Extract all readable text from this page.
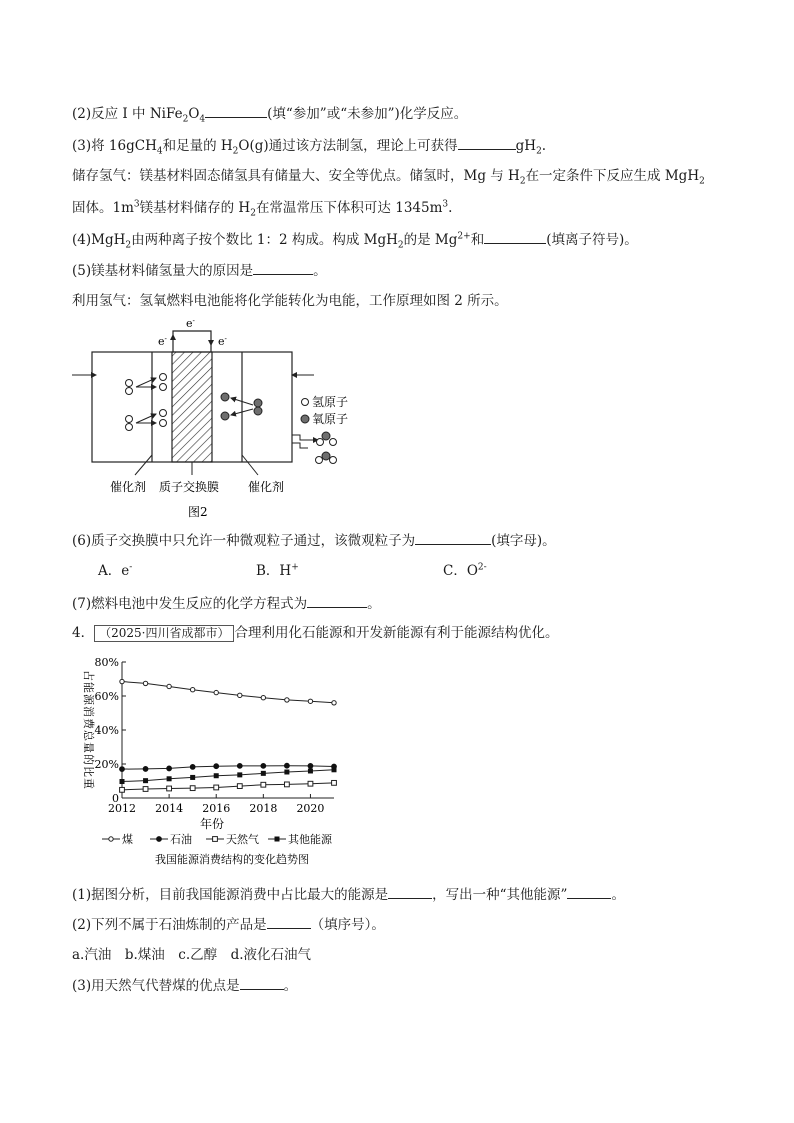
(2)反应 I 中 $NiFe_2O_4$	(填“参加”或“未参加”)化学反应。
(3)将 16gCH$_4$和足量的 $H_2O(g)$通过该方法制氢，理论上可获得	$gH_2$.
储存氢气：镁基材料固态储氢具有储量大、安全等优点。储氢时，Mg 与 $H_2$在一定条件下反应生成 MgH$_2$
固体。$1m^3$镁基材料储存的 $H_2$在常温常压下体积可达 $1345m^3$.
(4)MgH$_2$由两种离子按个数比 1：2 构成。构成 MgH$_2$的是 $Mg^{2+}$和	(填离子符号)。
(5)镁基材料储氢量大的原因是	。
利用氢气：氢氧燃料电池能将化学能转化为电能，工作原理如图 2 所示。
e-
e-	e-
氢原子
氧原子
催化剂 质子交换膜 催化剂
图2
(6)质子交换膜中只允许一种微观粒子通过，该微观粒子为	(填字母)。
A．e-	B．H+	C．$O^{2-}$
(7)燃料电池中发生反应的化学方程式为	。
4． （2025·四川省成都市） 合理利用化石能源和开发新能源有利于能源结构优化。
占能源消费总量的比重
0
20%
40%
60%
80%
2012 2014 2016 2018 2020
年份
煤	石油	天然气	其他能源
我国能源消费结构的变化趋势图
(1)据图分析，目前我国能源消费中占比最大的能源是	，写出一种“其他能源”	。
(2)下列不属于石油炼制的产品是	（填序号）。
a.汽油　b.煤油　c.乙醇　d.液化石油气
(3)用天然气代替煤的优点是	。
